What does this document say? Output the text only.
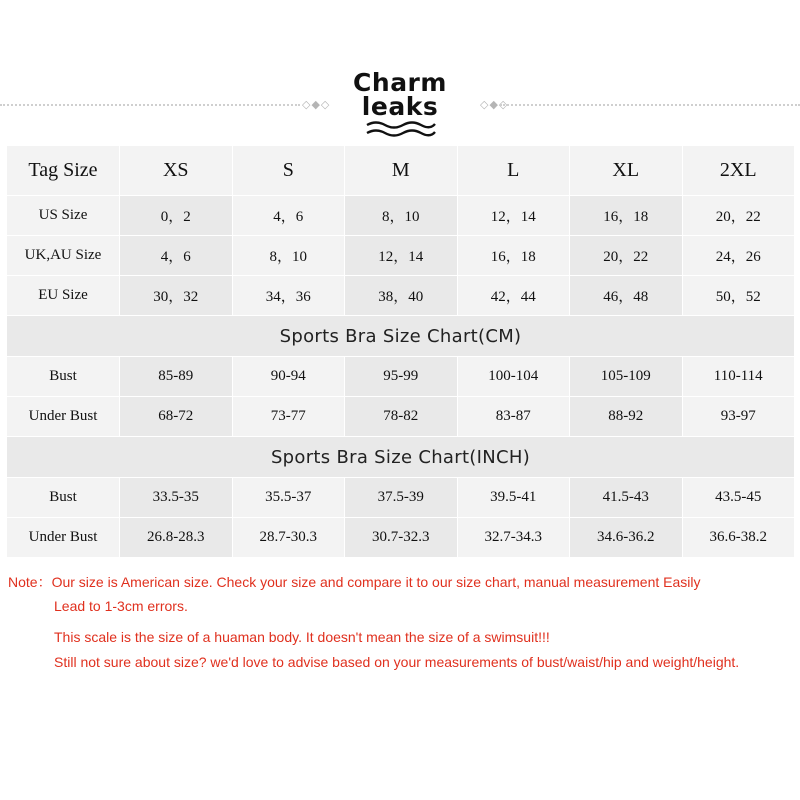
◇◆◇
Charm
leaks	◇◆◇
Tag Size	XS	S	M	L	XL	2XL
US Size	0，2	4，6	8，10	12，14	16，18	20，22
UK,AU Size	4，6	8，10	12，14	16，18	20，22	24，26
EU Size	30，32	34，36	38，40	42，44	46，48	50，52
Sports Bra Size Chart(CM)						
Bust	85-89	90-94	95-99	100-104	105-109	110-114
Under Bust	68-72	73-77	78-82	83-87	88-92	93-97
Sports Bra Size Chart(INCH)						
Bust	33.5-35	35.5-37	37.5-39	39.5-41	41.5-43	43.5-45
Under Bust	26.8-28.3	28.7-30.3	30.7-32.3	32.7-34.3	34.6-36.2	36.6-38.2
Note：Our size is American size. Check your size and compare it to our size chart, manual measurement Easily
Lead to 1-3cm errors.
This scale is the size of a huaman body. It doesn't mean the size of a swimsuit!!!
Still not sure about size? we'd love to advise based on your measurements of bust/waist/hip and weight/height.
